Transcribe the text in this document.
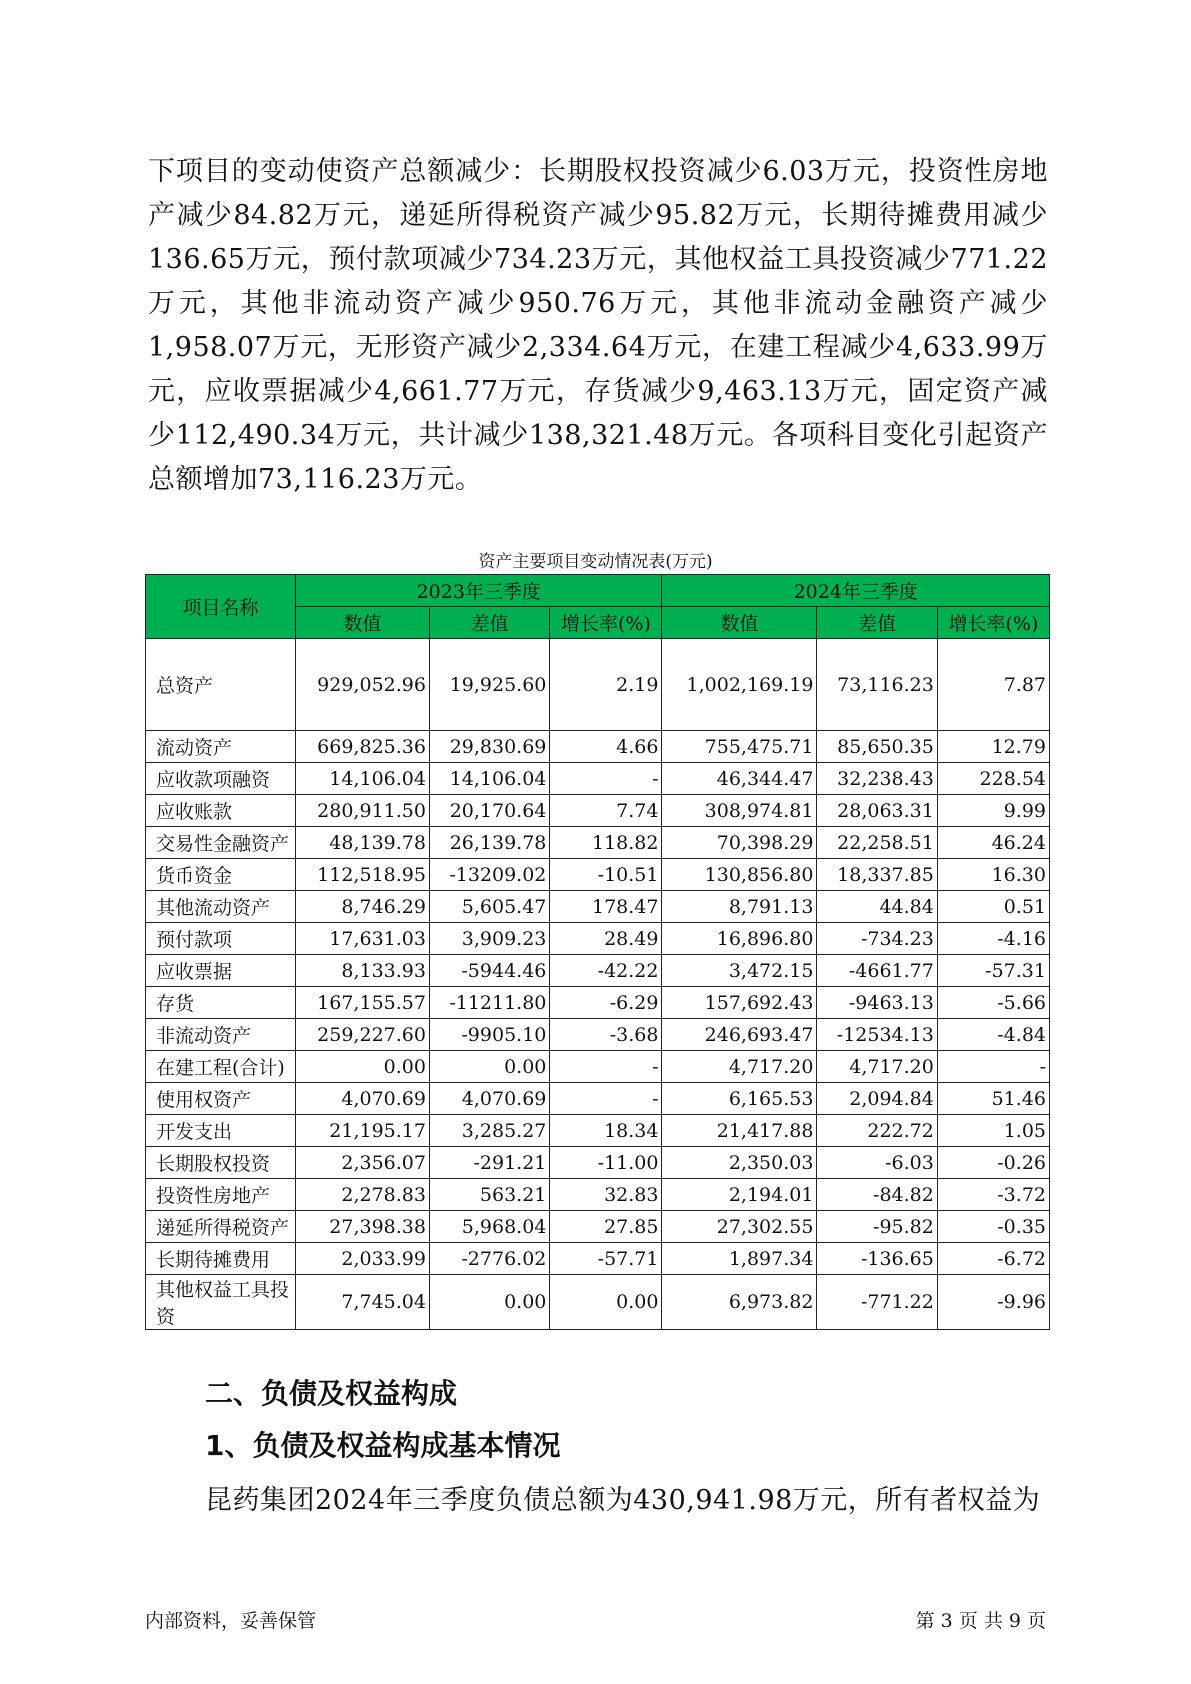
下项目的变动使资产总额减少：长期股权投资减少6.03万元，投资性房地产减少84.82万元，递延所得税资产减少95.82万元，长期待摊费用减少136.65万元，预付款项减少734.23万元，其他权益工具投资减少771.22万元，其他非流动资产减少950.76万元，其他非流动金融资产减少1,958.07万元，无形资产减少2,334.64万元，在建工程减少4,633.99万元，应收票据减少4,661.77万元，存货减少9,463.13万元，固定资产减少112,490.34万元，共计减少138,321.48万元。各项科目变化引起资产总额增加73,116.23万元。

资产主要项目变动情况表(万元)
项目名称	2023年三季度			2024年三季度		
	数值	差值	增长率(%)	数值	差值	增长率(%)
总资产	929,052.96	19,925.60	2.19	1,002,169.19	73,116.23	7.87
流动资产	669,825.36	29,830.69	4.66	755,475.71	85,650.35	12.79
应收款项融资	14,106.04	14,106.04	-	46,344.47	32,238.43	228.54
应收账款	280,911.50	20,170.64	7.74	308,974.81	28,063.31	9.99
交易性金融资产	48,139.78	26,139.78	118.82	70,398.29	22,258.51	46.24
货币资金	112,518.95	-13209.02	-10.51	130,856.80	18,337.85	16.30
其他流动资产	8,746.29	5,605.47	178.47	8,791.13	44.84	0.51
预付款项	17,631.03	3,909.23	28.49	16,896.80	-734.23	-4.16
应收票据	8,133.93	-5944.46	-42.22	3,472.15	-4661.77	-57.31
存货	167,155.57	-11211.80	-6.29	157,692.43	-9463.13	-5.66
非流动资产	259,227.60	-9905.10	-3.68	246,693.47	-12534.13	-4.84
在建工程(合计)	0.00	0.00	-	4,717.20	4,717.20	-
使用权资产	4,070.69	4,070.69	-	6,165.53	2,094.84	51.46
开发支出	21,195.17	3,285.27	18.34	21,417.88	222.72	1.05
长期股权投资	2,356.07	-291.21	-11.00	2,350.03	-6.03	-0.26
投资性房地产	2,278.83	563.21	32.83	2,194.01	-84.82	-3.72
递延所得税资产	27,398.38	5,968.04	27.85	27,302.55	-95.82	-0.35
长期待摊费用	2,033.99	-2776.02	-57.71	1,897.34	-136.65	-6.72
其他权益工具投资	7,745.04	0.00	0.00	6,973.82	-771.22	-9.96
二、负债及权益构成
1、负债及权益构成基本情况

昆药集团2024年三季度负债总额为430,941.98万元，所有者权益为

内部资料，妥善保管	第 3 页 共 9 页
